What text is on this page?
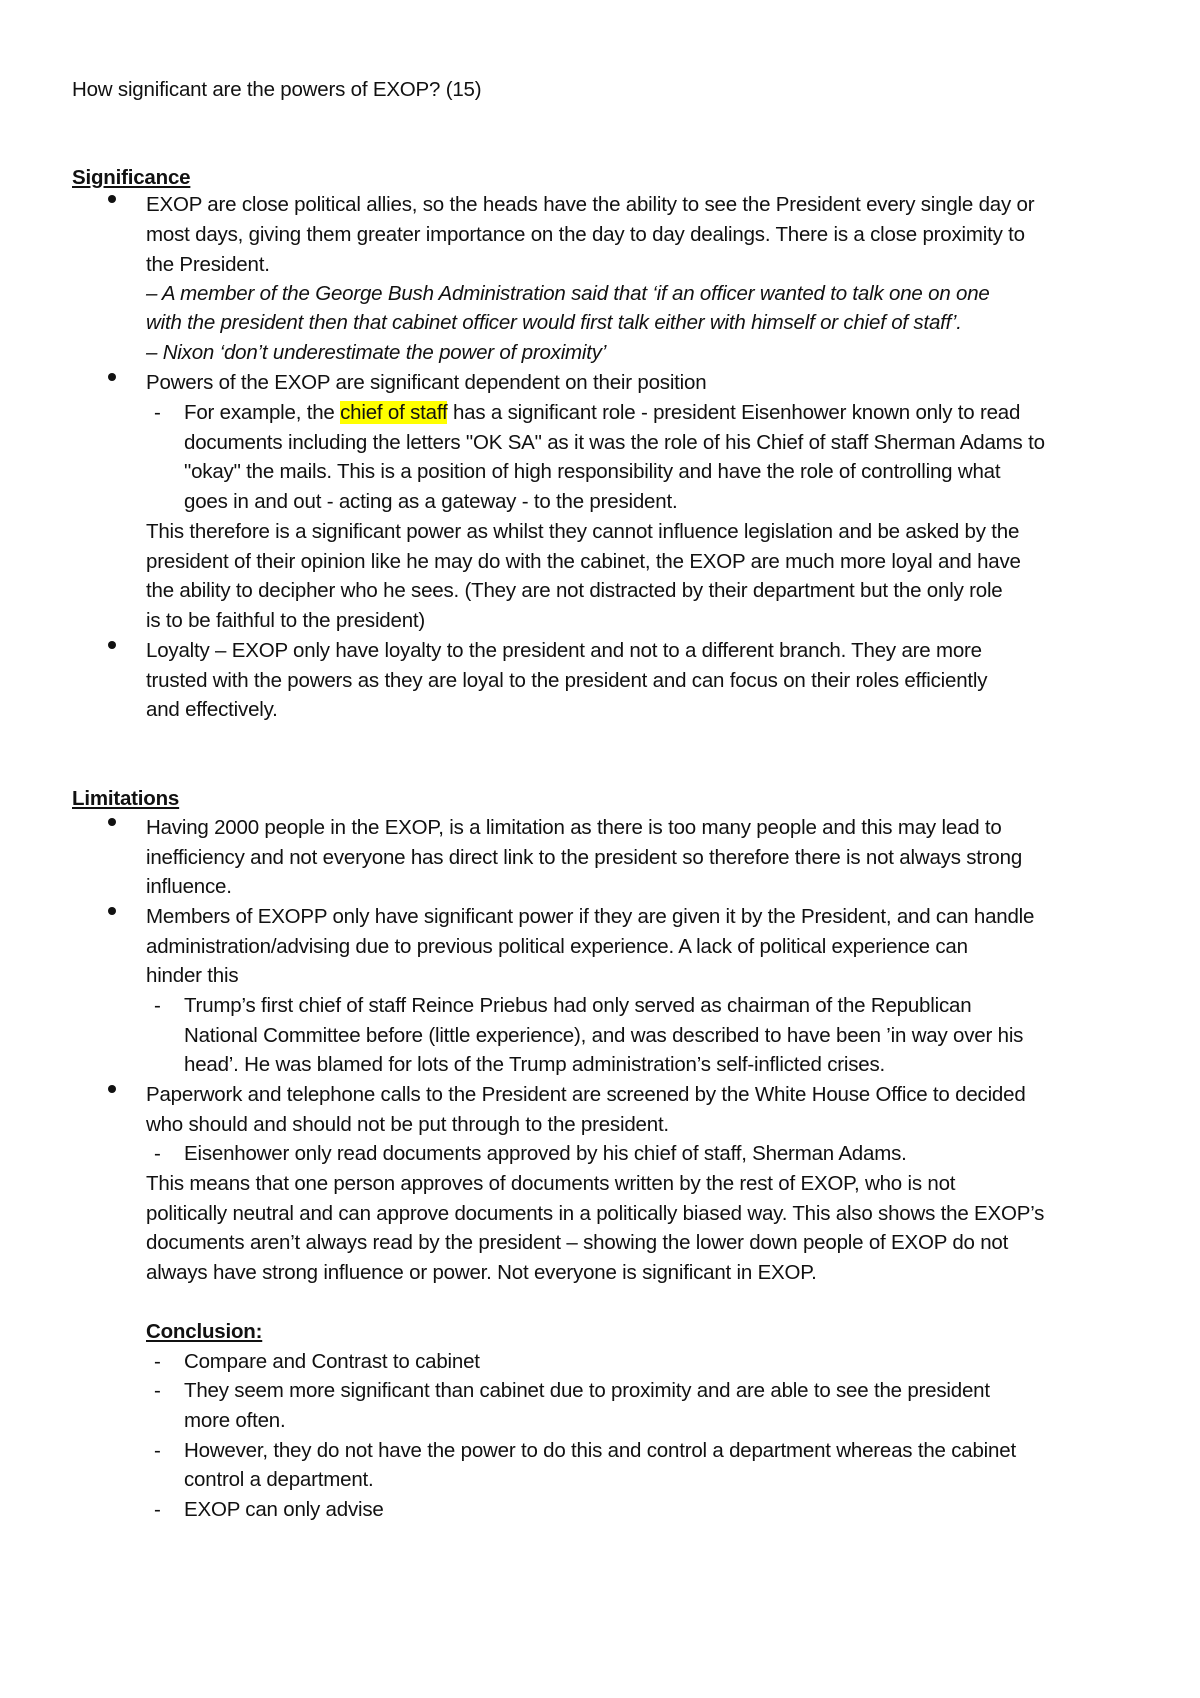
How significant are the powers of EXOP? (15)
Significance
EXOP are close political allies, so the heads have the ability to see the President every single day or
most days, giving them greater importance on the day to day dealings. There is a close proximity to
the President.
– A member of the George Bush Administration said that ‘if an officer wanted to talk one on one
with the president then that cabinet officer would first talk either with himself or chief of staff’.
– Nixon ‘don’t underestimate the power of proximity’
Powers of the EXOP are significant dependent on their position
- For example, the chief of staff has a significant role - president Eisenhower known only to read
documents including the letters "OK SA" as it was the role of his Chief of staff Sherman Adams to
"okay" the mails. This is a position of high responsibility and have the role of controlling what
goes in and out - acting as a gateway - to the president.
This therefore is a significant power as whilst they cannot influence legislation and be asked by the
president of their opinion like he may do with the cabinet, the EXOP are much more loyal and have
the ability to decipher who he sees. (They are not distracted by their department but the only role
is to be faithful to the president)
Loyalty – EXOP only have loyalty to the president and not to a different branch. They are more
trusted with the powers as they are loyal to the president and can focus on their roles efficiently
and effectively.
Limitations
Having 2000 people in the EXOP, is a limitation as there is too many people and this may lead to
inefficiency and not everyone has direct link to the president so therefore there is not always strong
influence.
Members of EXOPP only have significant power if they are given it by the President, and can handle
administration/advising due to previous political experience. A lack of political experience can
hinder this
- Trump’s first chief of staff Reince Priebus had only served as chairman of the Republican
National Committee before (little experience), and was described to have been ’in way over his
head’. He was blamed for lots of the Trump administration’s self-inflicted crises.
Paperwork and telephone calls to the President are screened by the White House Office to decided
who should and should not be put through to the president.
- Eisenhower only read documents approved by his chief of staff, Sherman Adams.
This means that one person approves of documents written by the rest of EXOP, who is not
politically neutral and can approve documents in a politically biased way. This also shows the EXOP’s
documents aren’t always read by the president – showing the lower down people of EXOP do not
always have strong influence or power. Not everyone is significant in EXOP.
Conclusion:
- Compare and Contrast to cabinet
- They seem more significant than cabinet due to proximity and are able to see the president
more often.
- However, they do not have the power to do this and control a department whereas the cabinet
control a department.
- EXOP can only advise
